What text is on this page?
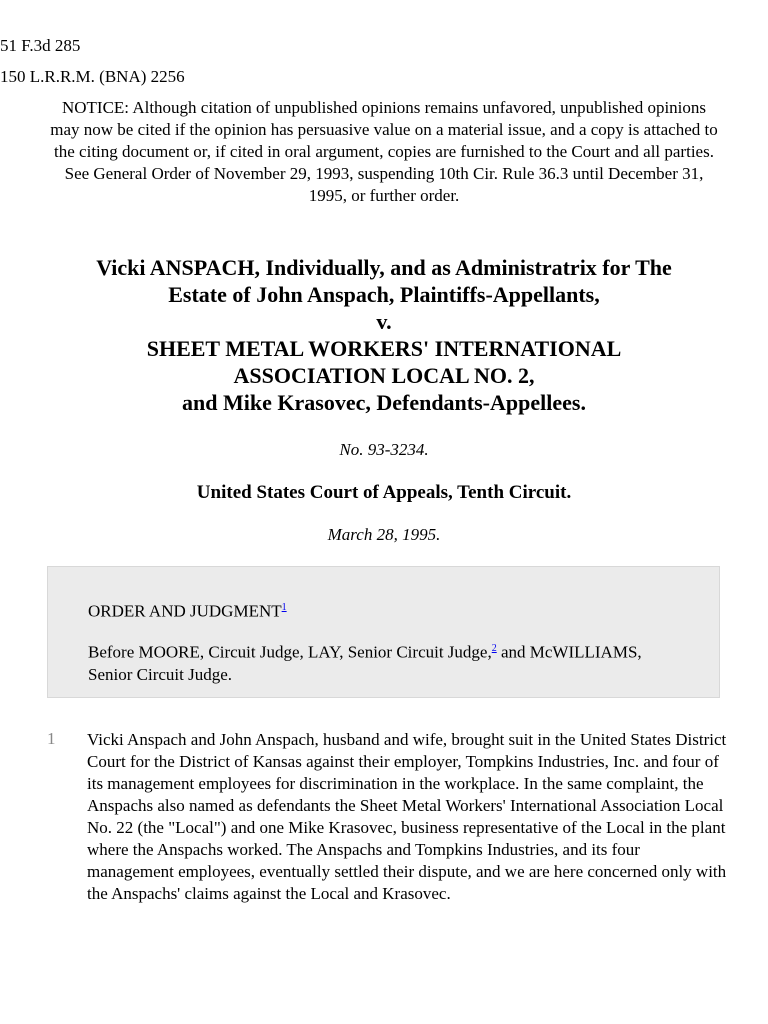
51 F.3d 285
150 L.R.R.M. (BNA) 2256
NOTICE: Although citation of unpublished opinions remains unfavored, unpublished opinions may now be cited if the opinion has persuasive value on a material issue, and a copy is attached to the citing document or, if cited in oral argument, copies are furnished to the Court and all parties. See General Order of November 29, 1993, suspending 10th Cir. Rule 36.3 until December 31, 1995, or further order.
Vicki ANSPACH, Individually, and as Administratrix for The
Estate of John Anspach, Plaintiffs-Appellants,
v.
SHEET METAL WORKERS' INTERNATIONAL
ASSOCIATION LOCAL NO. 2,
and Mike Krasovec, Defendants-Appellees.
No. 93-3234.
United States Court of Appeals, Tenth Circuit.
March 28, 1995.
ORDER AND JUDGMENT$^1$
Before MOORE, Circuit Judge, LAY, Senior Circuit Judge,$^2$ and McWILLIAMS, Senior Circuit Judge.
1 Vicki Anspach and John Anspach, husband and wife, brought suit in the United States District Court for the District of Kansas against their employer, Tompkins Industries, Inc. and four of its management employees for discrimination in the workplace. In the same complaint, the Anspachs also named as defendants the Sheet Metal Workers' International Association Local No. 22 (the "Local") and one Mike Krasovec, business representative of the Local in the plant where the Anspachs worked. The Anspachs and Tompkins Industries, and its four management employees, eventually settled their dispute, and we are here concerned only with the Anspachs' claims against the Local and Krasovec.
